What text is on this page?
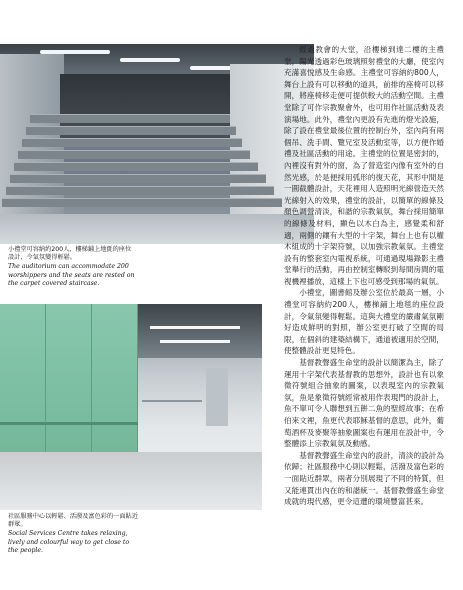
小禮堂可容納約200人，樓梯鋪上地氈的座位設計，令氣氛變得輕鬆。
The auditorium can accommodate 200 worshippers and the seats are rested on the carpet covered staircase.
社區服務中心以輕鬆、活潑及富色彩的一面貼近群眾。
Social Services Centre takes relaxing, lively and colourful way to get close to the people.

經過教會的大堂，沿樓梯到達二樓的主禮堂，陽光透過彩色玻璃照射禮堂的大廳，使室內充滿喜悅感及生命感。主禮堂可容納約800人，舞台上設有可以移動的道具，前排的座椅可以移開，將座椅移走便可提供較大的活動空間。主禮堂除了可作宗教聚會外，也可用作社區活動及表演場地。此外，禮堂內更設有先進的燈光設施，除了設在禮堂最後位置的控制台外，室內尚有兩個吊、洗手間、覽兄室及活動室等，以方便作婚禮及社區活動的用途。主禮堂的位置是密封的，內裡沒有對外的窗，為了營造室內像有室外的自然光感，於是便採用弧形的復天花，其形中間是一圓截體設計，天花裡用人造照明光線營造天然光線射入的效果，禮堂的設計，以簡單的線條及顏色調營清淡，和諧的宗教氣氛，舞台採用簡單的線條及材料，顯色以木白為主，感覺柔和舒適，兩側的鑲有大型的十字架，舞台上也有以權木組成的十字架符號，以加強宗教氣氛。主禮堂設有的整套室內電視系統，可通過現場錄影主禮堂舉行的活動，再由控制室轉駁到每間房間的電視機裡播放，這樣上下也可感受到那場的氣氛。

小禮堂，圖書館及辦公室位於最高一層，小禮堂可容納約200人，樓梯鋪上地毯的座位設計，令氣氛變得輕鬆。這與大禮堂的嚴肅氣氛剛好造成鮮明的對照，辦公室更打破了空間的局限，在個斜的建築結構下，通道被適用於空間，使整體設計更見特色。

基督教聲盛生命堂的設計以簡潔為主，除了運用十字架代表基督教的思想外，設計也有以象徵符號組合抽象的圖案，以表現室內的宗教氣氛，魚是象徵符號經常被用作表現門的設計上，魚不單可令人聯想到五餅二魚的聖經故事；在希伯來文裡，魚更代表耶穌基督的意思，此外，葡萄酒杯及麥聚等抽象圖案也有運用在設計中，令整體添上宗教氣氛及動感。

基督教聲盛生命堂內的設計，清淡的設計為依歸；社區服務中心則以輕鬆，活潑及富色彩的一面貼近群眾，兩者分別展現了不同的特質，但又能連貫出內在的和諧統一。基督教聲盛生命堂成就的現代感，更令這遭的環境豐富甚來。
